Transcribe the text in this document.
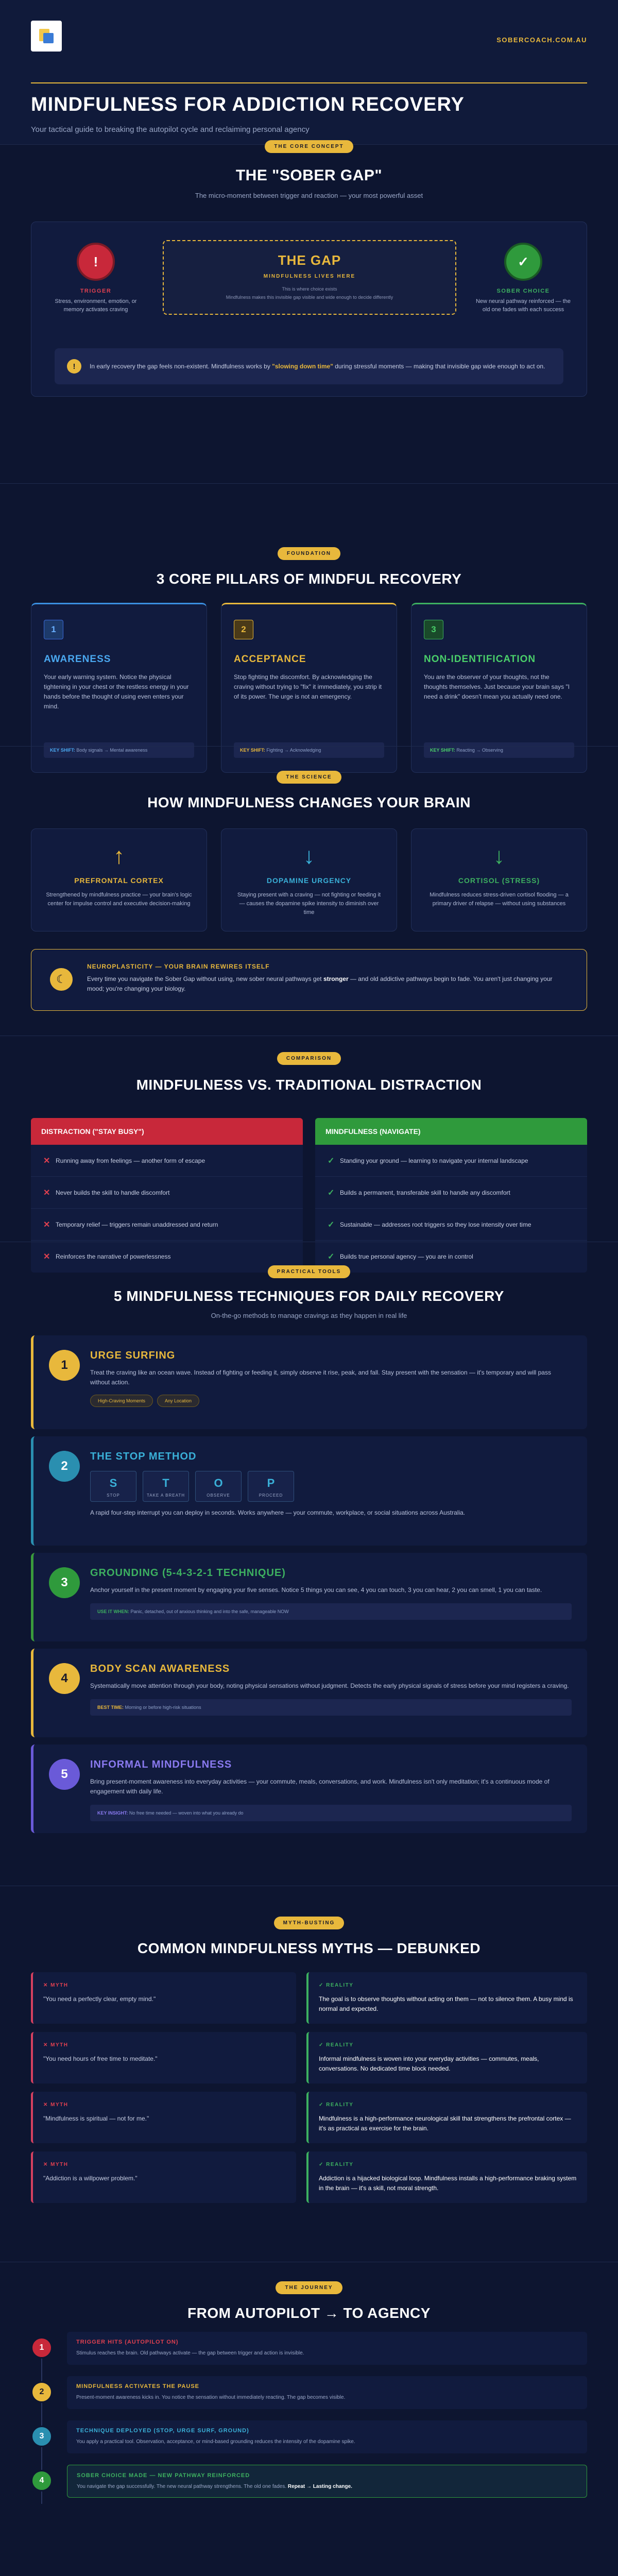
SOBERCOACH.COM.AU
MINDFULNESS FOR ADDICTION RECOVERY
Your tactical guide to breaking the autopilot cycle and reclaiming personal agency
THE CORE CONCEPT
THE "SOBER GAP"
The micro-moment between trigger and reaction — your most powerful asset
!
TRIGGER
Stress, environment, emotion, or memory activates craving
THE GAP
MINDFULNESS LIVES HERE
This is where choice exists
Mindfulness makes this invisible gap visible and wide enough to decide differently
✓
SOBER CHOICE
New neural pathway reinforced — the old one fades with each success
!	In early recovery the gap feels non-existent. Mindfulness works by "slowing down time" during stressful moments — making that invisible gap wide enough to act on.
FOUNDATION
3 CORE PILLARS OF MINDFUL RECOVERY
1
AWARENESS
Your early warning system. Notice the physical tightening in your chest or the restless energy in your hands before the thought of using even enters your mind.
KEY SHIFT: Body signals → Mental awareness
2
ACCEPTANCE
Stop fighting the discomfort. By acknowledging the craving without trying to "fix" it immediately, you strip it of its power. The urge is not an emergency.
KEY SHIFT: Fighting → Acknowledging
3
NON-IDENTIFICATION
You are the observer of your thoughts, not the thoughts themselves. Just because your brain says "I need a drink" doesn't mean you actually need one.
KEY SHIFT: Reacting → Observing
THE SCIENCE
HOW MINDFULNESS CHANGES YOUR BRAIN
↑
PREFRONTAL CORTEX
Strengthened by mindfulness practice — your brain's logic center for impulse control and executive decision-making
↓
DOPAMINE URGENCY
Staying present with a craving — not fighting or feeding it — causes the dopamine spike intensity to diminish over time
↓
CORTISOL (STRESS)
Mindfulness reduces stress-driven cortisol flooding — a primary driver of relapse — without using substances
☾
NEUROPLASTICITY — YOUR BRAIN REWIRES ITSELF
Every time you navigate the Sober Gap without using, new sober neural pathways get stronger — and old addictive pathways begin to fade. You aren't just changing your mood; you're changing your biology.
COMPARISON
MINDFULNESS VS. TRADITIONAL DISTRACTION
DISTRACTION ("STAY BUSY")
✕ Running away from feelings — another form of escape
✕ Never builds the skill to handle discomfort
✕ Temporary relief — triggers remain unaddressed and return
✕ Reinforces the narrative of powerlessness
MINDFULNESS (NAVIGATE)
✓ Standing your ground — learning to navigate your internal landscape
✓ Builds a permanent, transferable skill to handle any discomfort
✓ Sustainable — addresses root triggers so they lose intensity over time
✓ Builds true personal agency — you are in control
PRACTICAL TOOLS
5 MINDFULNESS TECHNIQUES FOR DAILY RECOVERY
On-the-go methods to manage cravings as they happen in real life
1
URGE SURFING
Treat the craving like an ocean wave. Instead of fighting or feeding it, simply observe it rise, peak, and fall. Stay present with the sensation — it's temporary and will pass without action.
High-Craving Moments	Any Location
2
THE STOP METHOD
S
STOP
T
TAKE A BREATH
O
OBSERVE
P
PROCEED
A rapid four-step interrupt you can deploy in seconds. Works anywhere — your commute, workplace, or social situations across Australia.
3
GROUNDING (5-4-3-2-1 TECHNIQUE)
Anchor yourself in the present moment by engaging your five senses. Notice 5 things you can see, 4 you can touch, 3 you can hear, 2 you can smell, 1 you can taste.
USE IT WHEN: Panic, detached, out of anxious thinking and into the safe, manageable NOW
4
BODY SCAN AWARENESS
Systematically move attention through your body, noting physical sensations without judgment. Detects the early physical signals of stress before your mind registers a craving.
BEST TIME: Morning or before high-risk situations
5
INFORMAL MINDFULNESS
Bring present-moment awareness into everyday activities — your commute, meals, conversations, and work. Mindfulness isn't only meditation; it's a continuous mode of engagement with daily life.
KEY INSIGHT: No free time needed — woven into what you already do
MYTH-BUSTING
COMMON MINDFULNESS MYTHS — DEBUNKED
✕ MYTH
"You need a perfectly clear, empty mind."
✓ REALITY
The goal is to observe thoughts without acting on them — not to silence them. A busy mind is normal and expected.
✕ MYTH
"You need hours of free time to meditate."
✓ REALITY
Informal mindfulness is woven into your everyday activities — commutes, meals, conversations. No dedicated time block needed.
✕ MYTH
"Mindfulness is spiritual — not for me."
✓ REALITY
Mindfulness is a high-performance neurological skill that strengthens the prefrontal cortex — it's as practical as exercise for the brain.
✕ MYTH
"Addiction is a willpower problem."
✓ REALITY
Addiction is a hijacked biological loop. Mindfulness installs a high-performance braking system in the brain — it's a skill, not moral strength.
THE JOURNEY
FROM AUTOPILOT → TO AGENCY
1
TRIGGER HITS (AUTOPILOT ON)
Stimulus reaches the brain. Old pathways activate — the gap between trigger and action is invisible.
2
MINDFULNESS ACTIVATES THE PAUSE
Present-moment awareness kicks in. You notice the sensation without immediately reacting. The gap becomes visible.
3
TECHNIQUE DEPLOYED (STOP, URGE SURF, GROUND)
You apply a practical tool. Observation, acceptance, or mind-based grounding reduces the intensity of the dopamine spike.
4
SOBER CHOICE MADE — NEW PATHWAY REINFORCED
You navigate the gap successfully. The new neural pathway strengthens. The old one fades. Repeat → Lasting change.
